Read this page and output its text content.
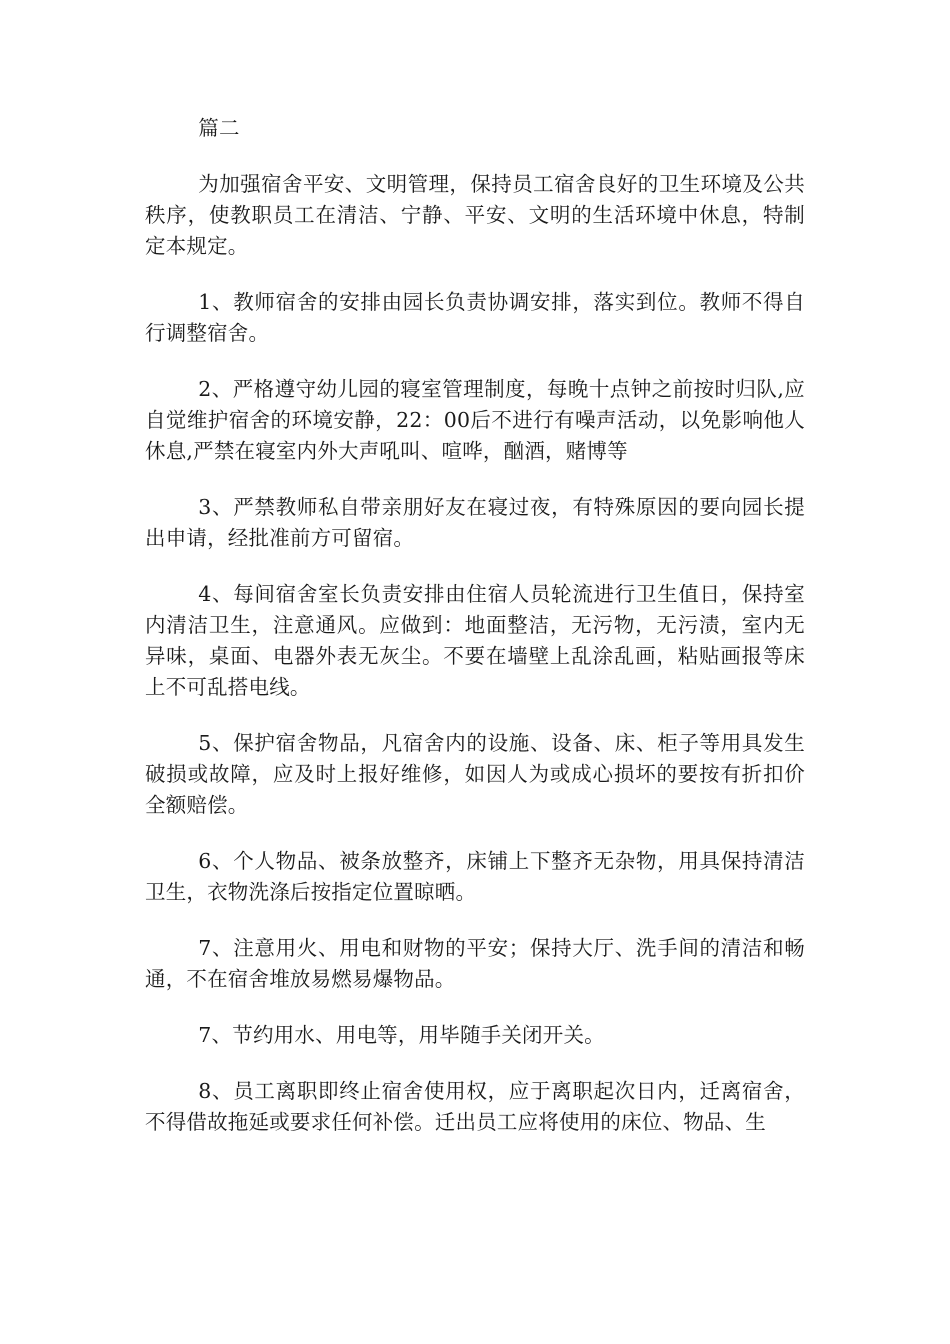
篇二

为加强宿舍平安、文明管理，保持员工宿舍良好的卫生环境及公共秩序，使教职员工在清洁、宁静、平安、文明的生活环境中休息，特制定本规定。

1、教师宿舍的安排由园长负责协调安排，落实到位。教师不得自行调整宿舍。

2、严格遵守幼儿园的寝室管理制度，每晚十点钟之前按时归队,应自觉维护宿舍的环境安静，22：00后不进行有噪声活动，以免影响他人休息,严禁在寝室内外大声吼叫、喧哗，酗酒，赌博等

3、严禁教师私自带亲朋好友在寝过夜，有特殊原因的要向园长提出申请，经批准前方可留宿。

4、每间宿舍室长负责安排由住宿人员轮流进行卫生值日，保持室内清洁卫生，注意通风。应做到：地面整洁，无污物，无污渍，室内无异味，桌面、电器外表无灰尘。不要在墙壁上乱涂乱画，粘贴画报等床上不可乱搭电线。

5、保护宿舍物品，凡宿舍内的设施、设备、床、柜子等用具发生破损或故障，应及时上报好维修，如因人为或成心损坏的要按有折扣价全额赔偿。

6、个人物品、被条放整齐，床铺上下整齐无杂物，用具保持清洁卫生，衣物洗涤后按指定位置晾晒。

7、注意用火、用电和财物的平安；保持大厅、洗手间的清洁和畅通，不在宿舍堆放易燃易爆物品。

7、节约用水、用电等，用毕随手关闭开关。

8、员工离职即终止宿舍使用权，应于离职起次日内，迁离宿舍，不得借故拖延或要求任何补偿。迁出员工应将使用的床位、物品、生
